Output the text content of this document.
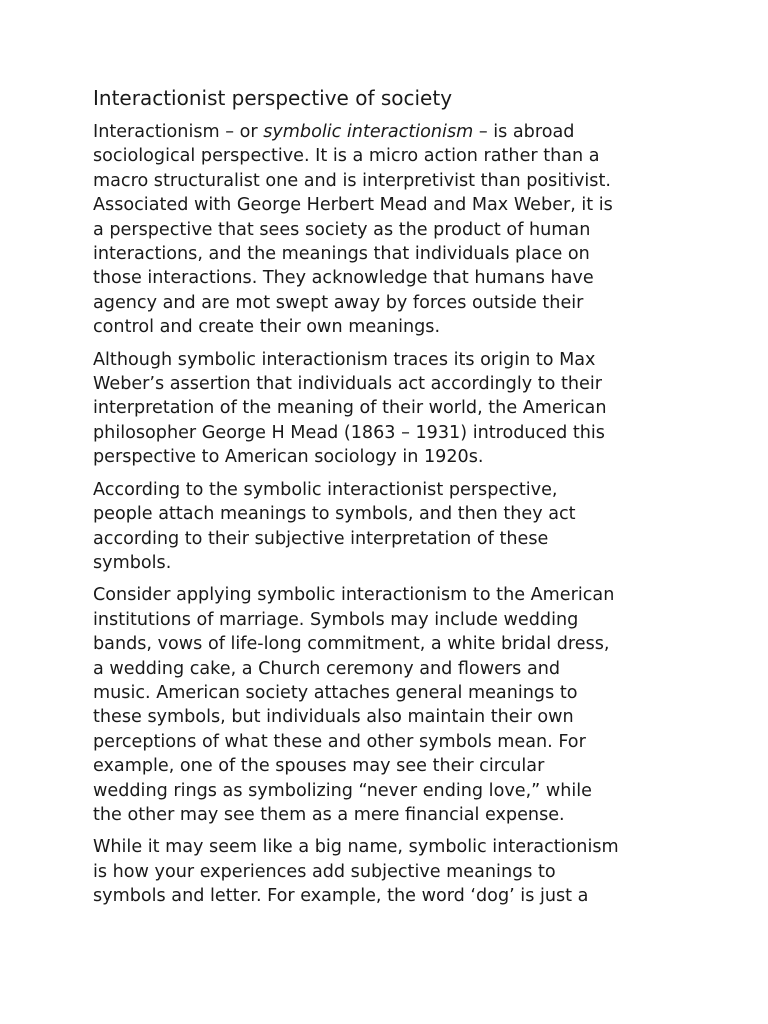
Interactionist perspective of society

Interactionism – or symbolic interactionism – is abroad
sociological perspective. It is a micro action rather than a
macro structuralist one and is interpretivist than positivist.
Associated with George Herbert Mead and Max Weber, it is
a perspective that sees society as the product of human
interactions, and the meanings that individuals place on
those interactions. They acknowledge that humans have
agency and are mot swept away by forces outside their
control and create their own meanings.

Although symbolic interactionism traces its origin to Max
Weber’s assertion that individuals act accordingly to their
interpretation of the meaning of their world, the American
philosopher George H Mead (1863 – 1931) introduced this
perspective to American sociology in 1920s.

According to the symbolic interactionist perspective,
people attach meanings to symbols, and then they act
according to their subjective interpretation of these
symbols.

Consider applying symbolic interactionism to the American
institutions of marriage. Symbols may include wedding
bands, vows of life-long commitment, a white bridal dress,
a wedding cake, a Church ceremony and flowers and
music. American society attaches general meanings to
these symbols, but individuals also maintain their own
perceptions of what these and other symbols mean. For
example, one of the spouses may see their circular
wedding rings as symbolizing “never ending love,” while
the other may see them as a mere financial expense.

While it may seem like a big name, symbolic interactionism
is how your experiences add subjective meanings to
symbols and letter. For example, the word ‘dog’ is just a
